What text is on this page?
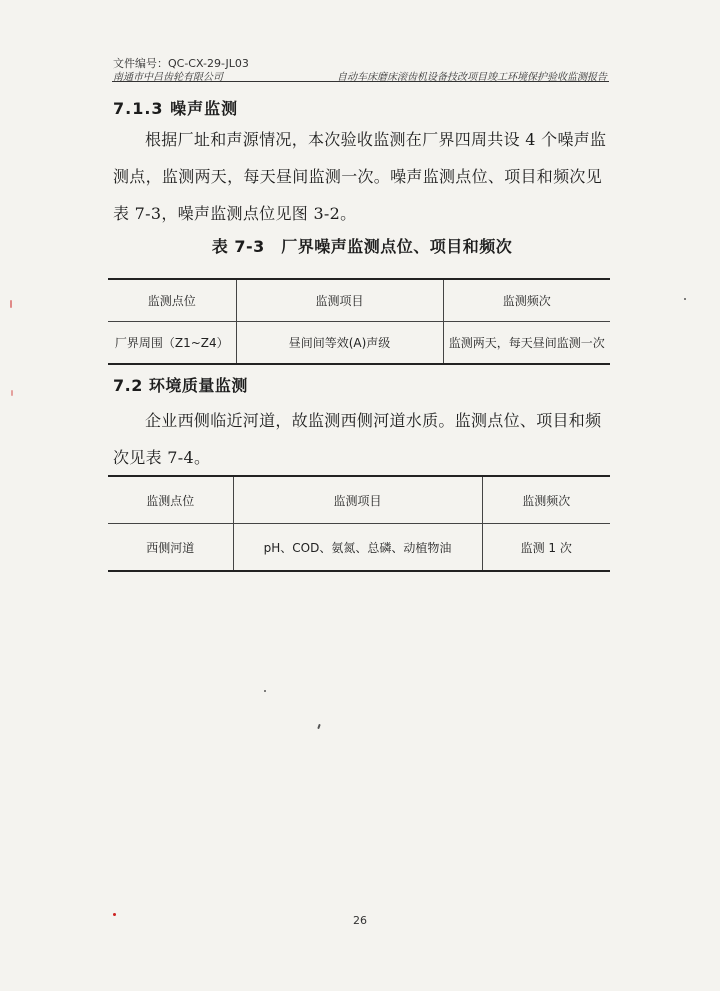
文件编号：QC-CX-29-JL03
南通市中吕齿轮有限公司	自动车床磨床滚齿机设备技改项目竣工环境保护验收监测报告
7.1.3 噪声监测
根据厂址和声源情况，本次验收监测在厂界四周共设 4 个噪声监测点，监测两天，每天昼间监测一次。噪声监测点位、项目和频次见表 7-3，噪声监测点位见图 3-2。
表 7-3　厂界噪声监测点位、项目和频次
监测点位	监测项目	监测频次
厂界周围（Z1~Z4）	昼间间等效(A)声级	监测两天，每天昼间监测一次
7.2 环境质量监测
企业西侧临近河道，故监测西侧河道水质。监测点位、项目和频次见表 7-4。
监测点位	监测项目	监测频次
西侧河道	pH、COD、氨氮、总磷、动植物油	监测 1 次
26
